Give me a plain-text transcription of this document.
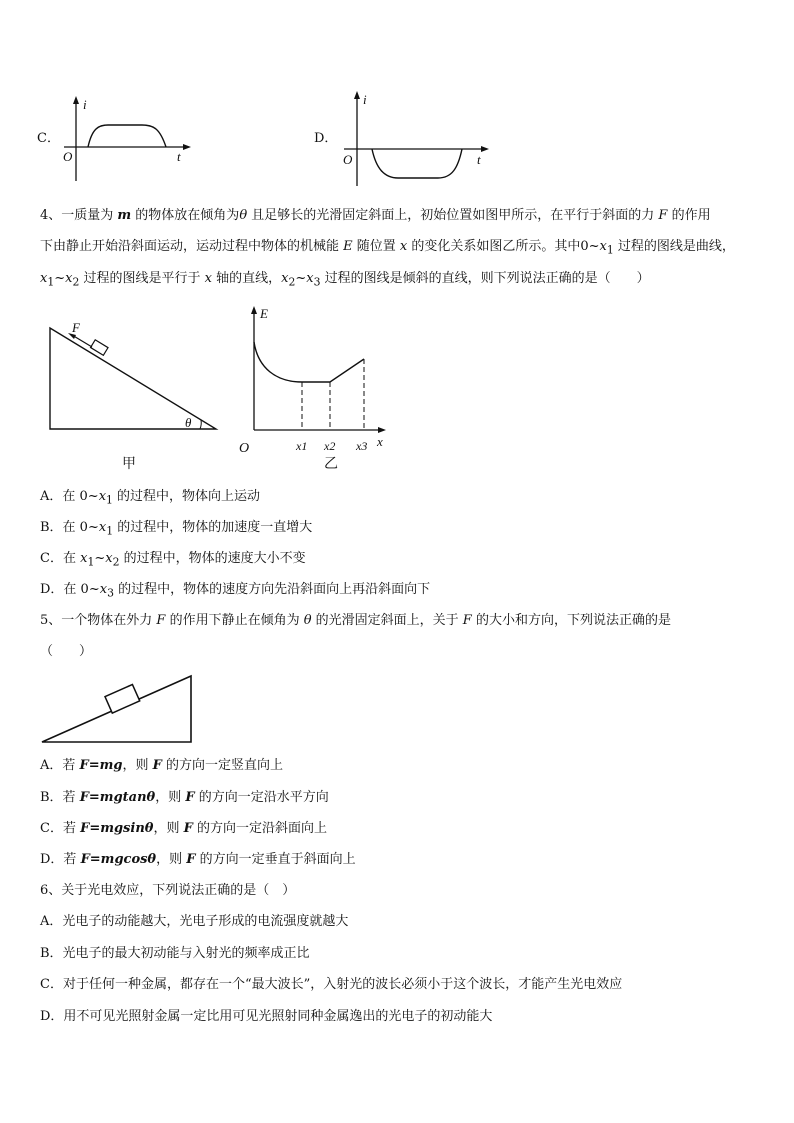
C．
i
t
O
D．
i
t
O
4、一质量为 m 的物体放在倾角为θ 且足够长的光滑固定斜面上，初始位置如图甲所示，在平行于斜面的力 F 的作用
下由静止开始沿斜面运动，运动过程中物体的机械能 E 随位置 x 的变化关系如图乙所示。其中$0\sim x_1$ 过程的图线是曲线，
$x_1\sim x_2$ 过程的图线是平行于 x 轴的直线，$x_2\sim x_3$ 过程的图线是倾斜的直线，则下列说法正确的是（　　）
F
θ
甲
E
x
O	x1 x2 x3
乙
A．在 $0\sim x_1$ 的过程中，物体向上运动
B．在 $0\sim x_1$ 的过程中，物体的加速度一直增大
C．在 $x_1\sim x_2$ 的过程中，物体的速度大小不变
D．在 $0\sim x_3$ 的过程中，物体的速度方向先沿斜面向上再沿斜面向下
5、一个物体在外力 F 的作用下静止在倾角为 θ 的光滑固定斜面上，关于 F 的大小和方向，下列说法正确的是
（　　）
A．若 F=mg，则 F 的方向一定竖直向上
B．若 F=mgtanθ，则 F 的方向一定沿水平方向
C．若 F=mgsinθ，则 F 的方向一定沿斜面向上
D．若 F=mgcosθ，则 F 的方向一定垂直于斜面向上
6、关于光电效应，下列说法正确的是（　）
A．光电子的动能越大，光电子形成的电流强度就越大
B．光电子的最大初动能与入射光的频率成正比
C．对于任何一种金属，都存在一个“最大波长”，入射光的波长必须小于这个波长，才能产生光电效应
D．用不可见光照射金属一定比用可见光照射同种金属逸出的光电子的初动能大
